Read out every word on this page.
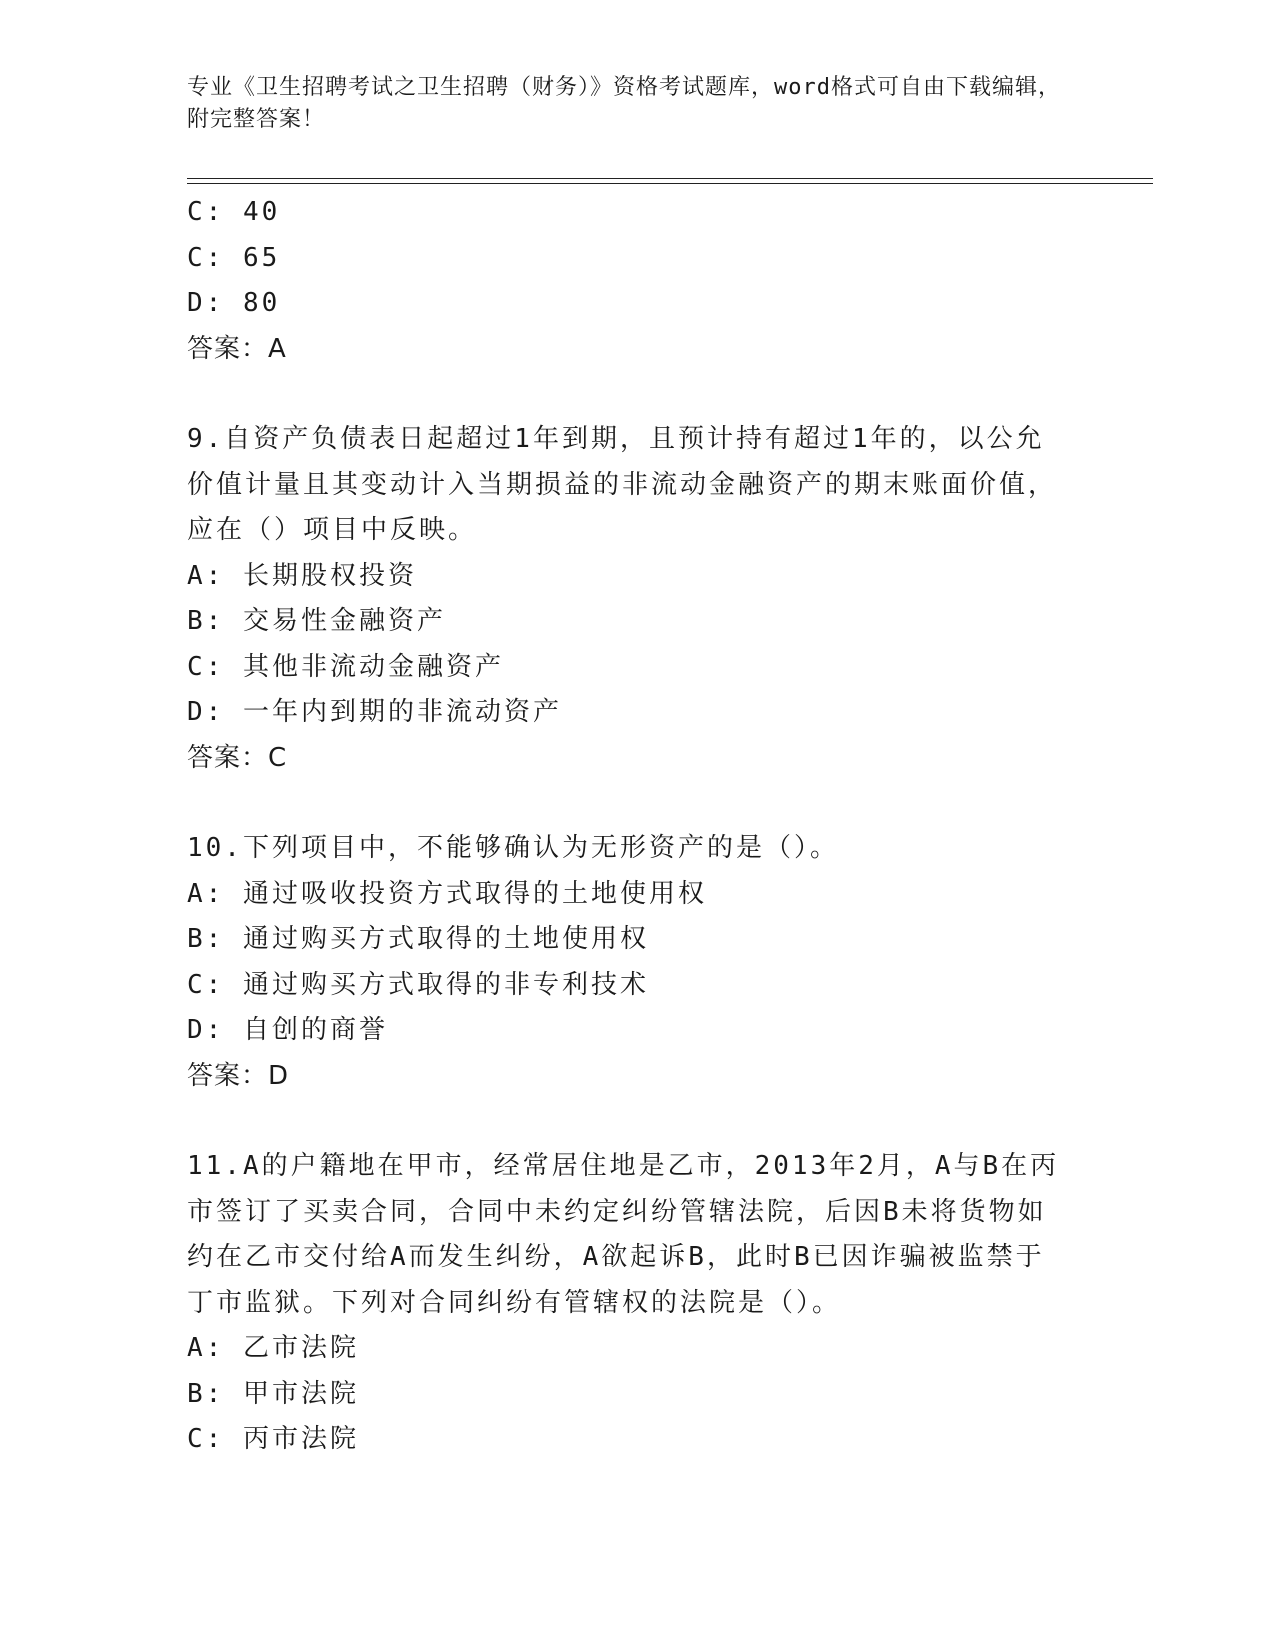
专业《卫生招聘考试之卫生招聘（财务）》资格考试题库，word格式可自由下载编辑，附完整答案！
C: 40
C: 65
D: 80
答案：A
9.自资产负债表日起超过1年到期，且预计持有超过1年的，以公允价值计量且其变动计入当期损益的非流动金融资产的期末账面价值，应在（）项目中反映。
A: 长期股权投资
B: 交易性金融资产
C: 其他非流动金融资产
D: 一年内到期的非流动资产
答案：C
10.下列项目中，不能够确认为无形资产的是（）。
A: 通过吸收投资方式取得的土地使用权
B: 通过购买方式取得的土地使用权
C: 通过购买方式取得的非专利技术
D: 自创的商誉
答案：D
11.A的户籍地在甲市，经常居住地是乙市，2013年2月，A与B在丙市签订了买卖合同，合同中未约定纠纷管辖法院，后因B未将货物如约在乙市交付给A而发生纠纷，A欲起诉B，此时B已因诈骗被监禁于丁市监狱。下列对合同纠纷有管辖权的法院是（）。
A: 乙市法院
B: 甲市法院
C: 丙市法院
